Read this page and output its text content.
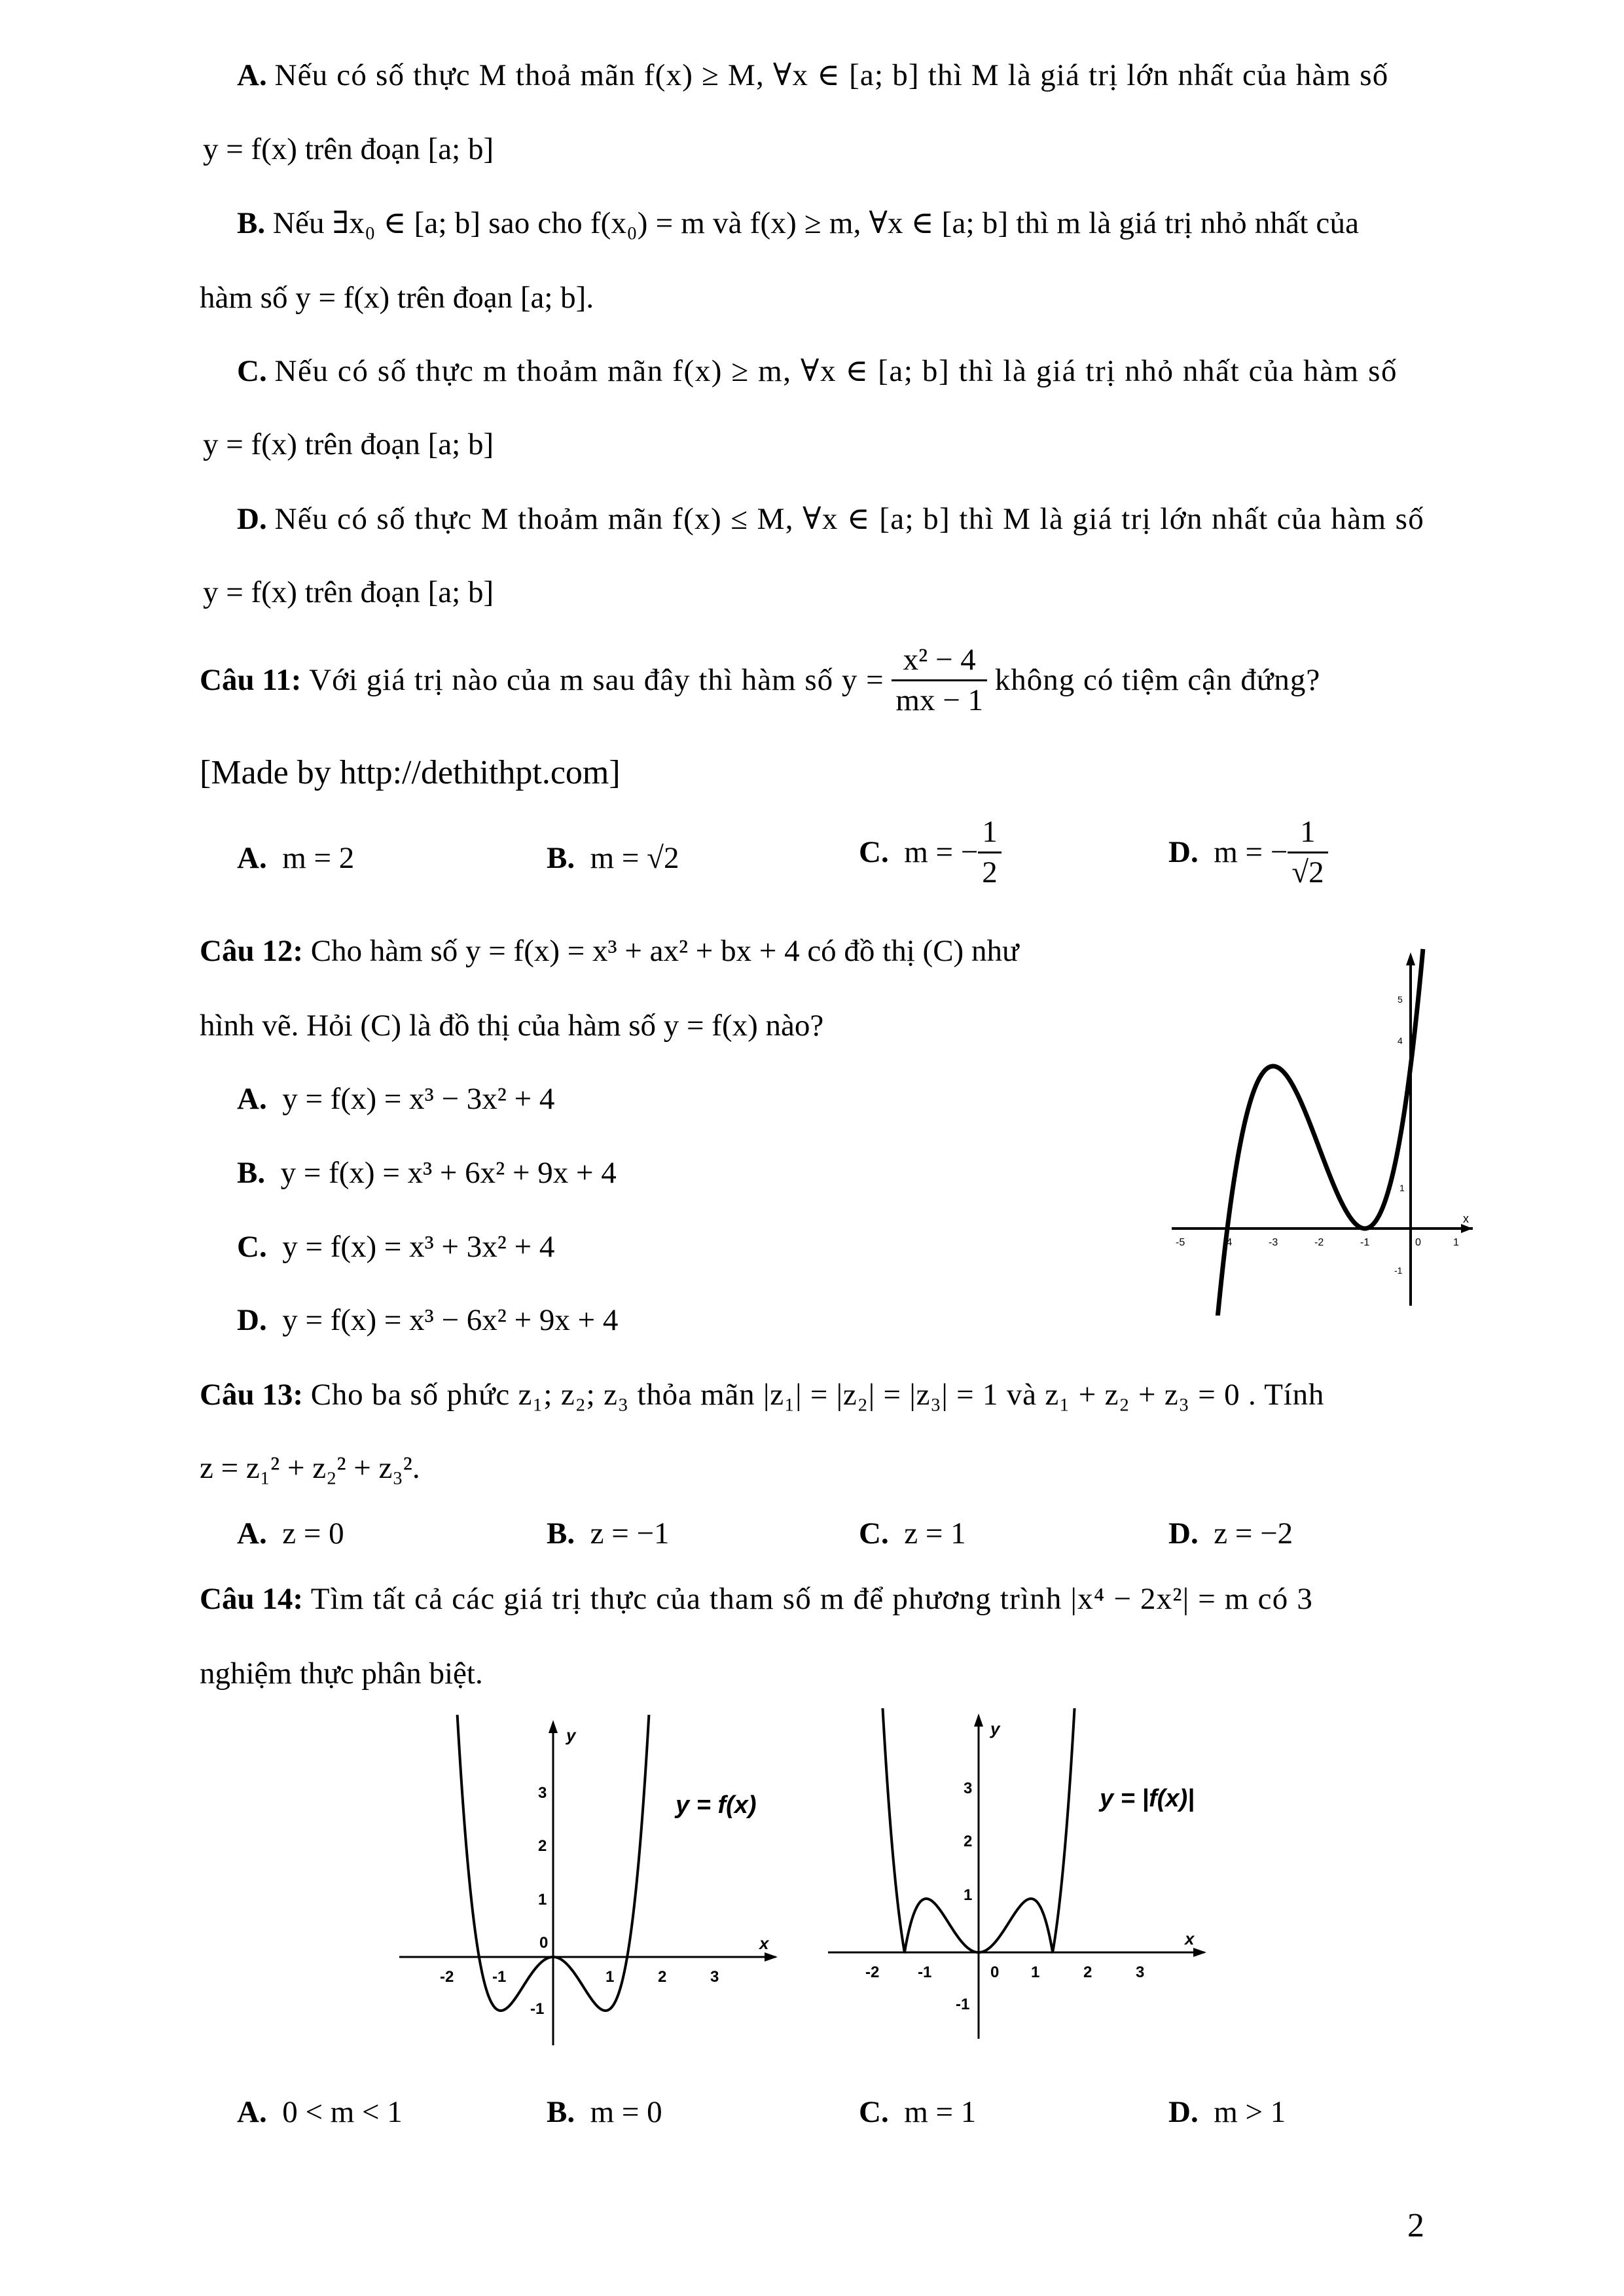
A.
Nếu có số thực M thoả mãn f(x) ≥ M, ∀x ∈ [a; b] thì M là giá trị lớn nhất của hàm số
y = f(x) trên đoạn [a; b]
B. Nếu ∃x₀ ∈ [a; b] sao cho f(x₀) = m và f(x) ≥ m, ∀x ∈ [a; b] thì m là giá trị nhỏ nhất của
hàm số y = f(x) trên đoạn [a; b].
C. Nếu có số thực m thoảm mãn f(x) ≥ m, ∀x ∈ [a; b] thì là giá trị nhỏ nhất của hàm số
y = f(x) trên đoạn [a; b]
D. Nếu có số thực M thoảm mãn f(x) ≤ M, ∀x ∈ [a; b] thì M là giá trị lớn nhất của hàm số
y = f(x) trên đoạn [a; b]
Câu 11:
Với giá trị nào của m sau đây thì hàm số y =
$\frac{\text{x² − 4}}{mx - 1}$
không có tiệm cận đứng?
[Made by http://dethithpt.com]
A. m = 2	B. m = √2	C.
m = − $\frac{1}{2}$	D.
m = − $\frac{1}{√2}$
Câu 12: Cho hàm số y = f(x) = x³ + ax² + bx + 4 có đồ thị (C) như
hình vẽ. Hỏi (C) là đồ thị của hàm số y = f(x) nào?
A. y = f(x) = x³ − 3x² + 4
B. y = f(x) = x³ + 6x² + 9x + 4
C. y = f(x) = x³ + 3x² + 4
D. y = f(x) = x³ − 6x² + 9x + 4
-5	-4	-3	-2	-1	0	1
x
5
4
1
-1
Câu 13: Cho ba số phức z₁; z₂; z₃ thỏa mãn |z₁| = |z₂| = |z₃| = 1 và z₁ + z₂ + z₃ = 0 . Tính
z = z₁² + z₂² + z₃².
A. z = 0	B. z = −1	C. z = 1	D. z = −2
Câu 14: Tìm tất cả các giá trị thực của tham số m để phương trình |x⁴ − 2x²| = m có 3
nghiệm thực phân biệt.
-2 -1
0
1	2	3
3
2
1
-1
x
y
y = f(x)
-2 -1	0 1	2	3
3
2
1
-1
x
y
y = |f(x)|
A. 0 < m < 1	B. m = 0	C. m = 1	D. m > 1
2
